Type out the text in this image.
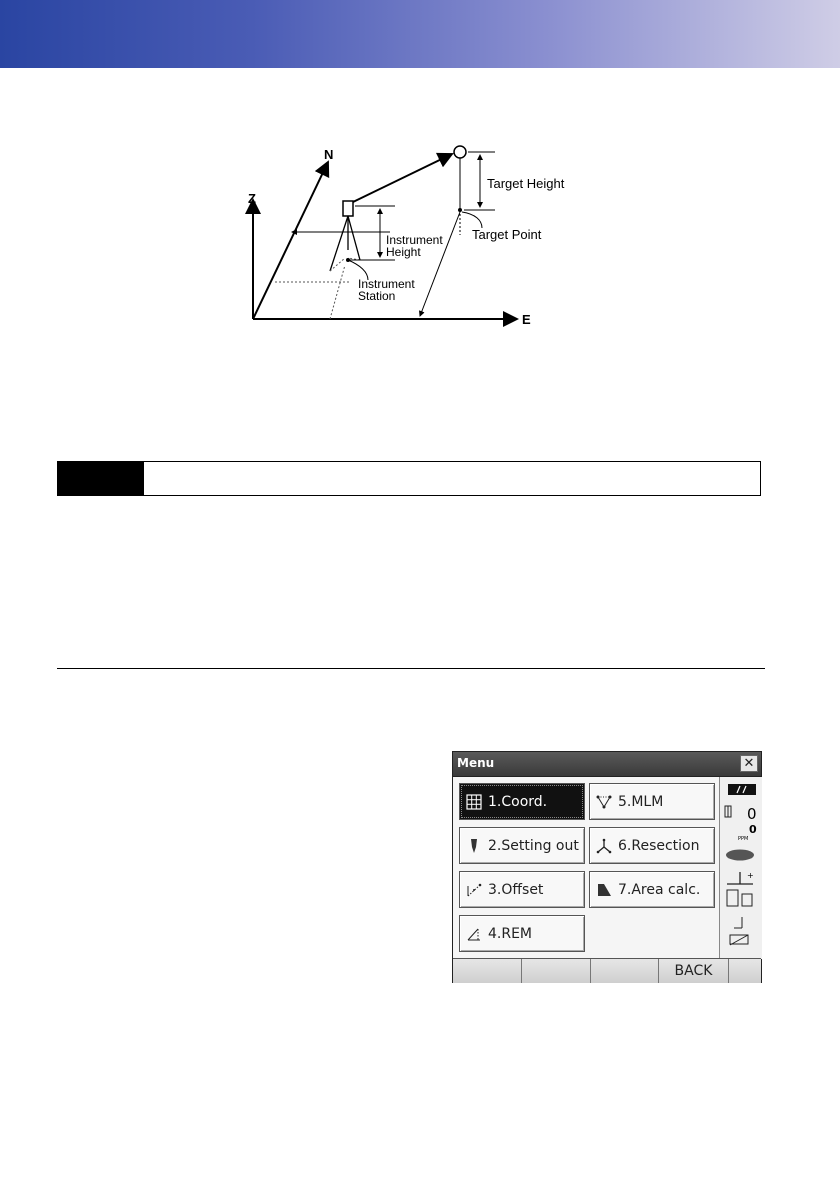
Z
N
E
Instrument
Height
Instrument
Station
Target Height
Target Point
Menu	✕
1.Coord.	5.MLM
2.Setting out	6.Resection
3.Offset	7.Area calc.
4.REM
0
0
PPM
+
BACK
